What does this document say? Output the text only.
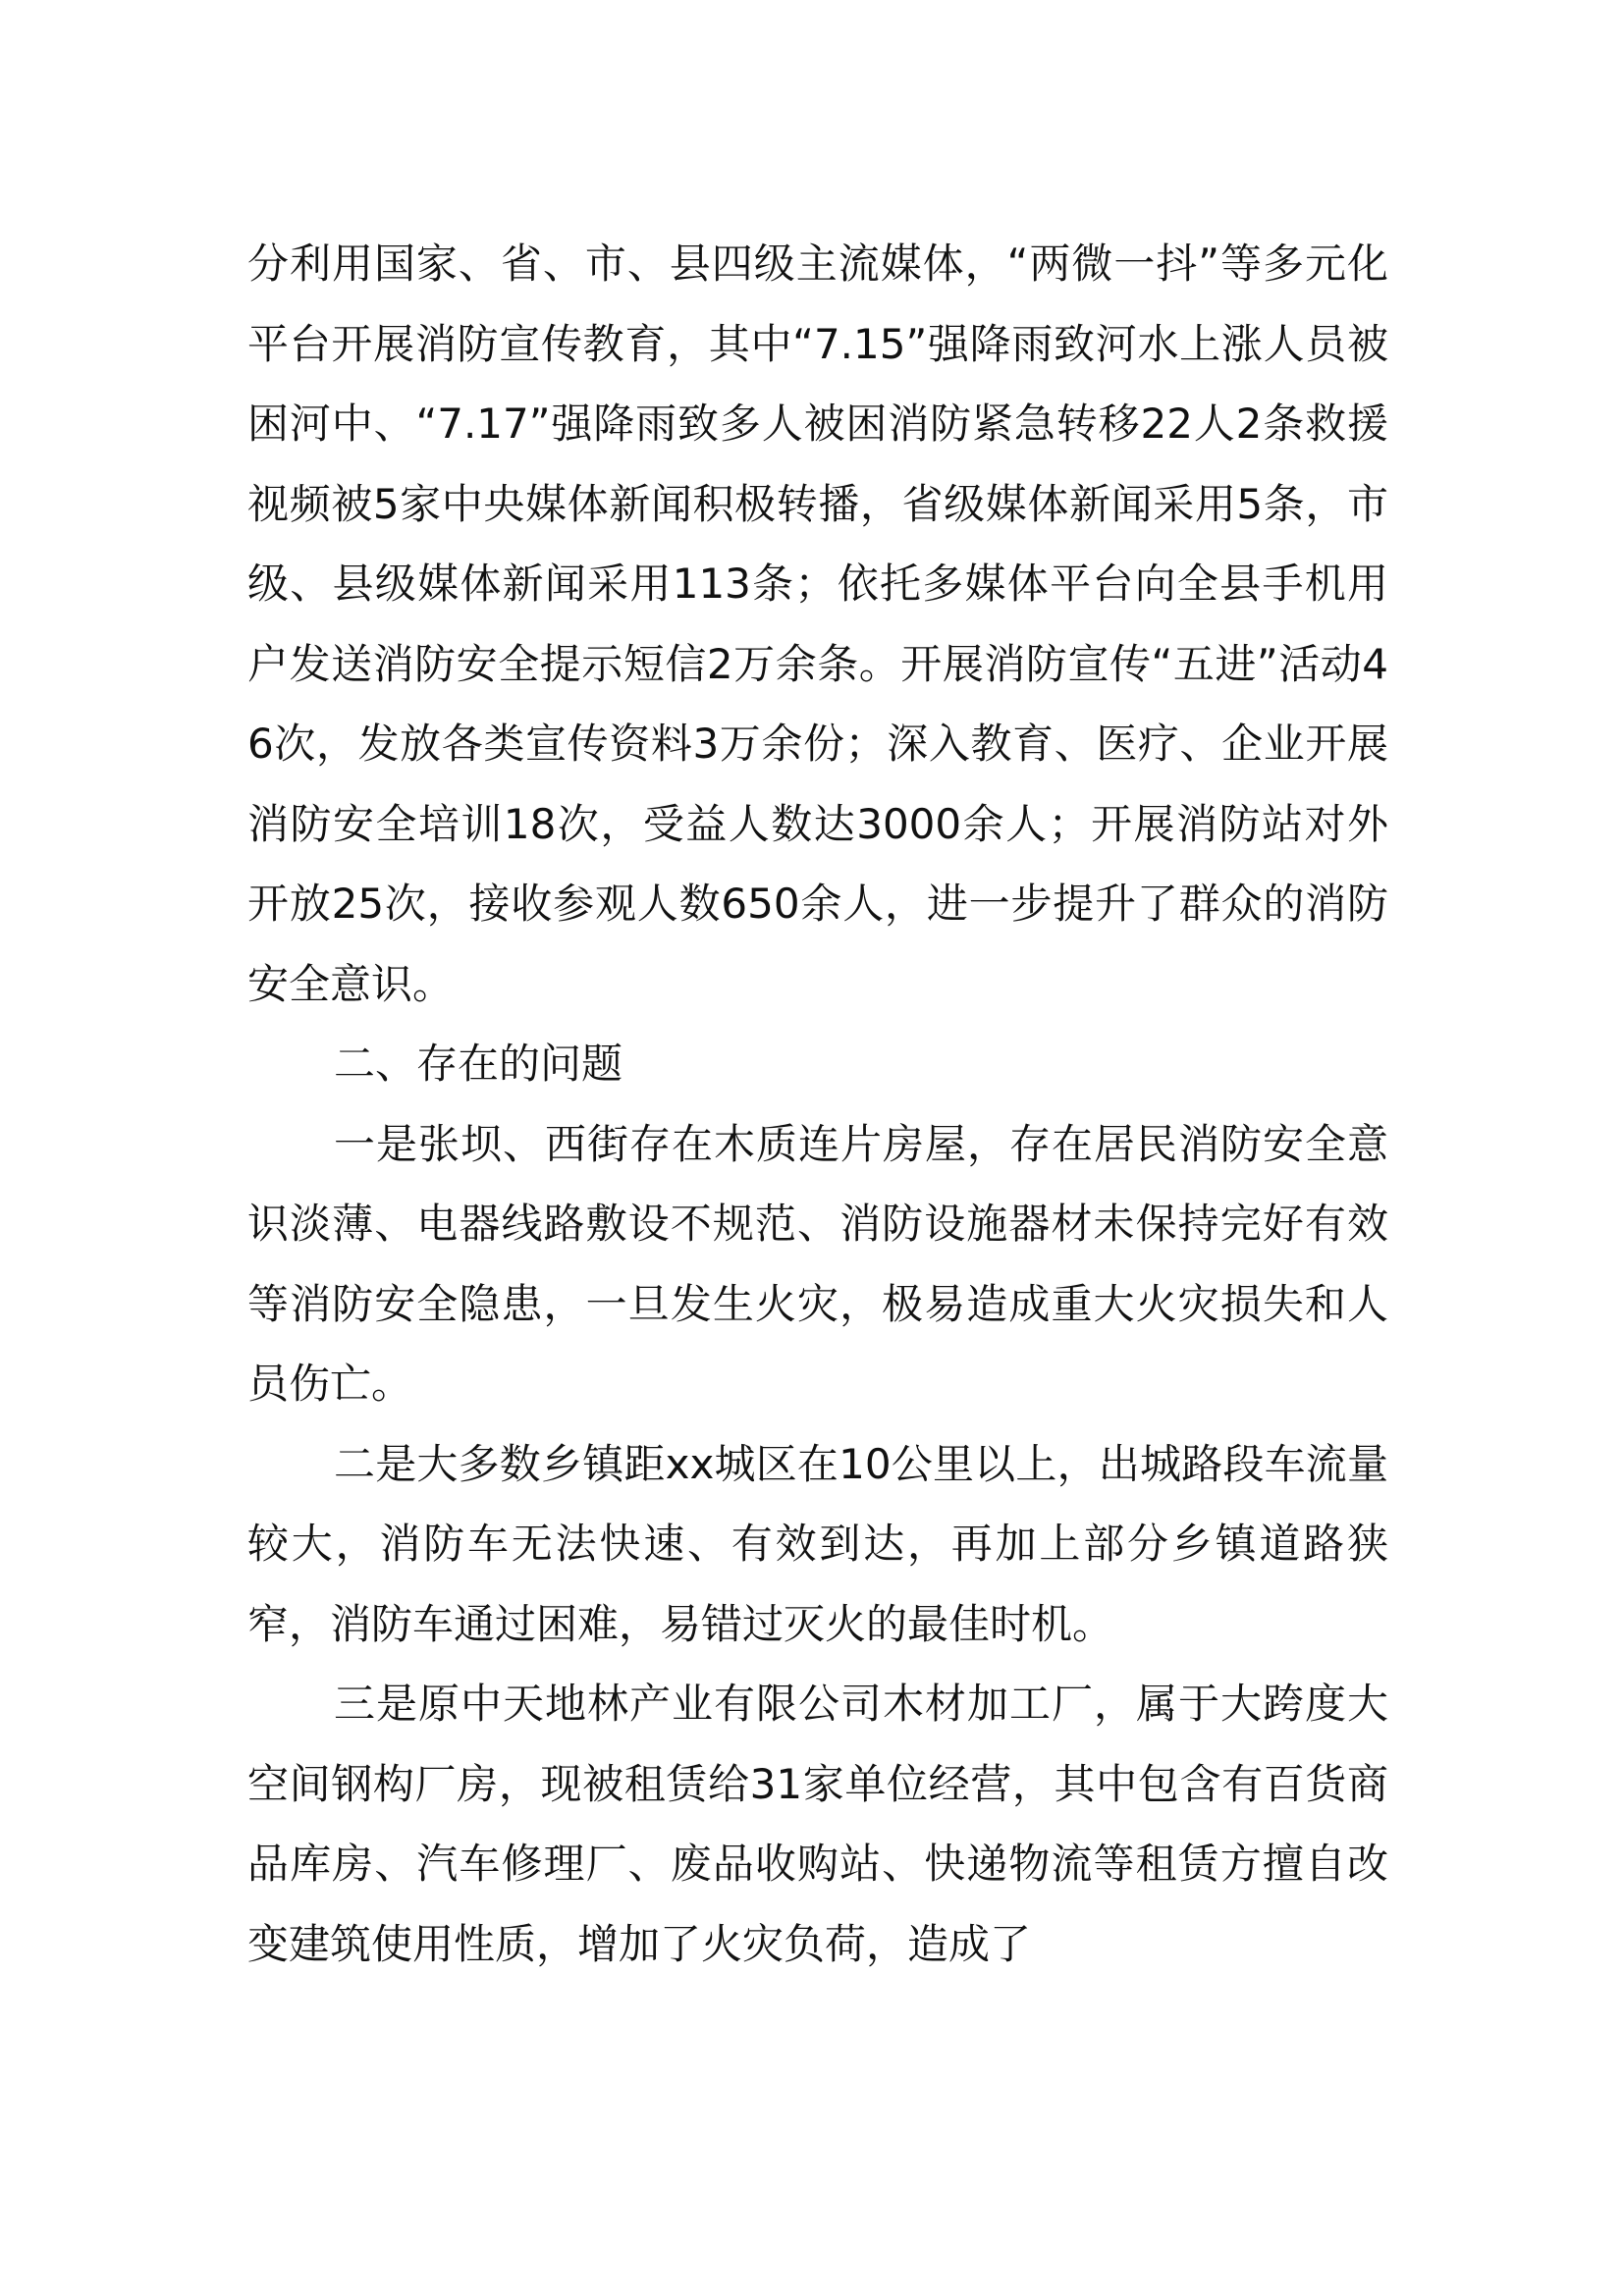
分利用国家、省、市、县四级主流媒体，“两微一抖”等多元化平台开展消防宣传教育，其中“7.15”强降雨致河水上涨人员被困河中、“7.17”强降雨致多人被困消防紧急转移22人2条救援视频被5家中央媒体新闻积极转播，省级媒体新闻采用5条，市级、县级媒体新闻采用113条；依托多媒体平台向全县手机用户发送消防安全提示短信2万余条。开展消防宣传“五进”活动46次，发放各类宣传资料3万余份；深入教育、医疗、企业开展消防安全培训18次，受益人数达3000余人；开展消防站对外开放25次，接收参观人数650余人，进一步提升了群众的消防安全意识。

二、存在的问题

一是张坝、西街存在木质连片房屋，存在居民消防安全意识淡薄、电器线路敷设不规范、消防设施器材未保持完好有效等消防安全隐患，一旦发生火灾，极易造成重大火灾损失和人员伤亡。

二是大多数乡镇距xx城区在10公里以上，出城路段车流量较大，消防车无法快速、有效到达，再加上部分乡镇道路狭窄，消防车通过困难，易错过灭火的最佳时机。

三是原中天地林产业有限公司木材加工厂，属于大跨度大空间钢构厂房，现被租赁给31家单位经营，其中包含有百货商品库房、汽车修理厂、废品收购站、快递物流等租赁方擅自改变建筑使用性质，增加了火灾负荷，造成了
